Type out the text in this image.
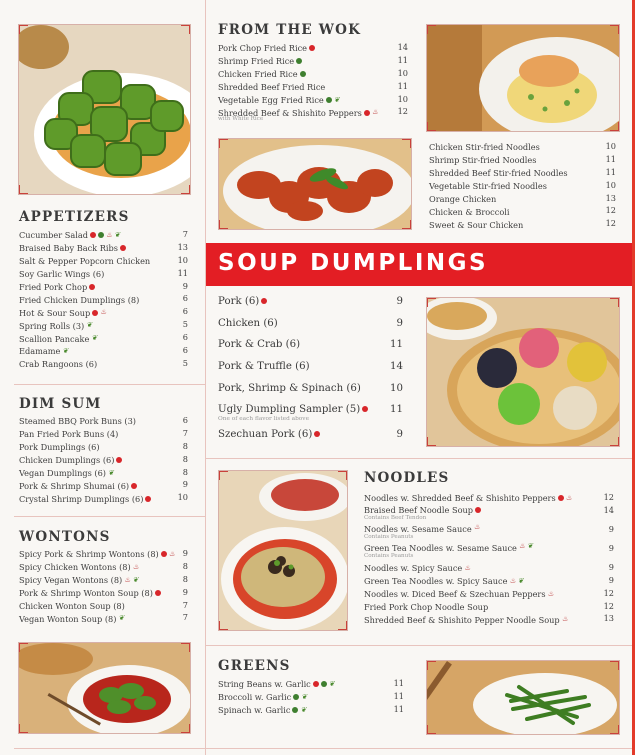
FROM THE WOK
Pork Chop Fried Rice	14
Shrimp Fried Rice	11
Chicken Fried Rice	10
Shredded Beef Fried Rice	11
Vegetable Egg Fried Rice ❦	10
Shredded Beef & Shishito Peppers ♨ 12
with White Rice
Chicken Stir-fried Noodles	10
Shrimp Stir-fried Noodles	11
Shredded Beef Stir-fried Noodles	11
Vegetable Stir-fried Noodles	10
Orange Chicken	13
Chicken & Broccoli	12
Sweet & Sour Chicken	12
APPETIZERS
Cucumber Salad	♨ ❦	7
Braised Baby Back Ribs	13
Salt & Pepper Popcorn Chicken	10
Soy Garlic Wings (6)	11
Fried Pork Chop	9
Fried Chicken Dumplings (8)	6
Hot & Sour Soup ♨	6
Spring Rolls (3) ❦	5
Scallion Pancake ❦	6
Edamame ❦	6
Crab Rangoons (6)	5
DIM SUM
Steamed BBQ Pork Buns (3)	6
Pan Fried Pork Buns (4)	7
Pork Dumplings (6)	8
Chicken Dumplings (6)	8
Vegan Dumplings (6) ❦	8
Pork & Shrimp Shumai (6)	9
Crystal Shrimp Dumplings (6)	10
WONTONS
Spicy Pork & Shrimp Wontons (8) ♨ 9
Spicy Chicken Wontons (8) ♨	8
Spicy Vegan Wontons (8) ♨ ❦	8
Pork & Shrimp Wonton Soup (8)	9
Chicken Wonton Soup (8)	7
Vegan Wonton Soup (8) ❦	7
SOUP DUMPLINGS
Pork (6)	9
Chicken (6)	9
Pork & Crab (6)	11
Pork & Truffle (6)	14
Pork, Shrimp & Spinach (6)	10
Ugly Dumpling Sampler (5)	11
One of each flavor listed above
Szechuan Pork (6)	9
NOODLES
Noodles w. Shredded Beef & Shishito Peppers ♨	12
Braised Beef Noodle Soup	14
Contains Beef Tendon
Noodles w. Sesame Sauce ♨	9
Contains Peanuts
Green Tea Noodles w. Sesame Sauce ♨ ❦	9
Contains Peanuts
Noodles w. Spicy Sauce ♨	9
Green Tea Noodles w. Spicy Sauce ♨ ❦	9
Noodles w. Diced Beef & Szechuan Peppers ♨	12
Fried Pork Chop Noodle Soup	12
Shredded Beef & Shishito Pepper Noodle Soup ♨	13
GREENS
String Beans w. Garlic	❦	11
Broccoli w. Garlic ❦	11
Spinach w. Garlic ❦	11
